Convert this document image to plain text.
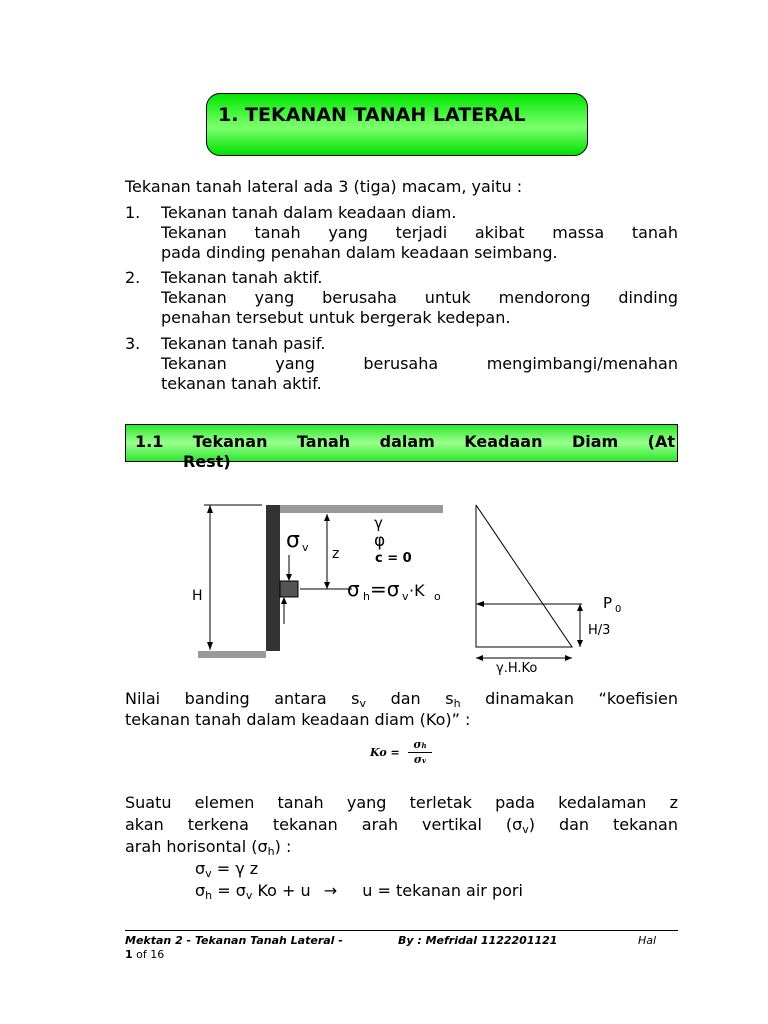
1. TEKANAN TANAH LATERAL
Tekanan tanah lateral ada 3 (tiga) macam, yaitu :
1.	Tekanan tanah dalam keadaan diam.
Tekanan tanah yang terjadi akibat massa tanah
pada dinding penahan dalam keadaan seimbang.
2.	Tekanan tanah aktif.
Tekanan yang berusaha untuk mendorong dinding
penahan tersebut untuk bergerak kedepan.
3.	Tekanan tanah pasif.
Tekanan yang berusaha mengimbangi/menahan
tekanan tanah aktif.
1.1 Tekanan Tanah dalam Keadaan Diam (At
Rest)
H
σ v z
γ
φ
c = 0
σ h =σ v ·K o	P 0
H/3
γ.H.Ko
Nilai banding antara $s_v$ dan $s_h$ dinamakan “koefisien
tekanan tanah dalam keadaan diam (Ko)” :
Ko =
σh
σv
Suatu elemen tanah yang terletak pada kedalaman z
akan terkena tekanan arah vertikal $(\sigma_v)$ dan tekanan
arah horisontal $(\sigma_h)$ :
$\sigma_v = \gamma$ z
$\sigma_h = \sigma_v$ Ko + u → u = tekanan air pori
Mektan 2 - Tekanan Tanah Lateral -	By : Mefridal 1122201121	Hal
1 of 16
